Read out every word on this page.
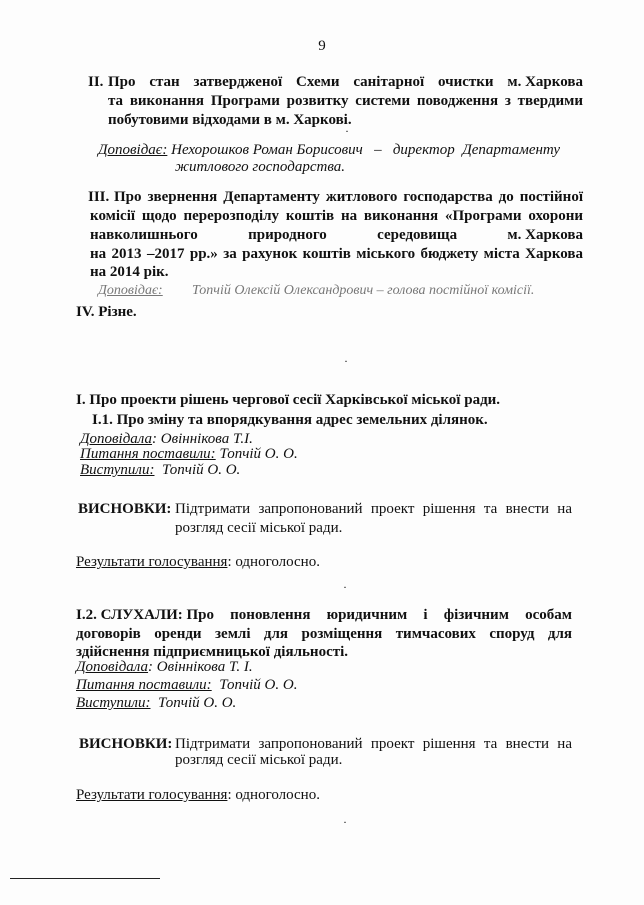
9
II. Про стан затвердженої Схеми санітарної очистки м. Харкова
та виконання Програми розвитку системи поводження з твердими
побутовими відходами в м. Харкові.
·
Доповідає: Нехорошков Роман Борисович   –   директор  Департаменту
житлового господарства.
III. Про звернення Департаменту житлового господарства до постійної
комісії щодо перерозподілу коштів на виконання «Програми охорони
навколишнього	природного	середовища	м. Харкова
на 2013 –2017 рр.» за рахунок коштів міського бюджету міста Харкова
на 2014 рік.
Доповідає: Топчій Олексій Олександрович – голова постійної комісії.
IV. Різне.
·
I. Про проекти рішень чергової сесії Харківської міської ради.
I.1. Про зміну та впорядкування адрес земельних ділянок.
Доповідала: Овіннікова Т.І.
Питання поставили: Топчій О. О.
Виступили:  Топчій О. О.
ВИСНОВКИ: Підтримати запропонований проект рішення та внести на
розгляд сесії міської ради.
Результати голосування: одноголосно.
·
I.2. СЛУХАЛИ: Про поновлення юридичним і фізичним особам
договорів оренди землі для розміщення тимчасових споруд для
здійснення підприємницької діяльності.
Доповідала: Овіннікова Т. І.
Питання поставили:  Топчій О. О.
Виступили:  Топчій О. О.
ВИСНОВКИ: Підтримати запропонований проект рішення та внести на
розгляд сесії міської ради.
Результати голосування: одноголосно.
·
